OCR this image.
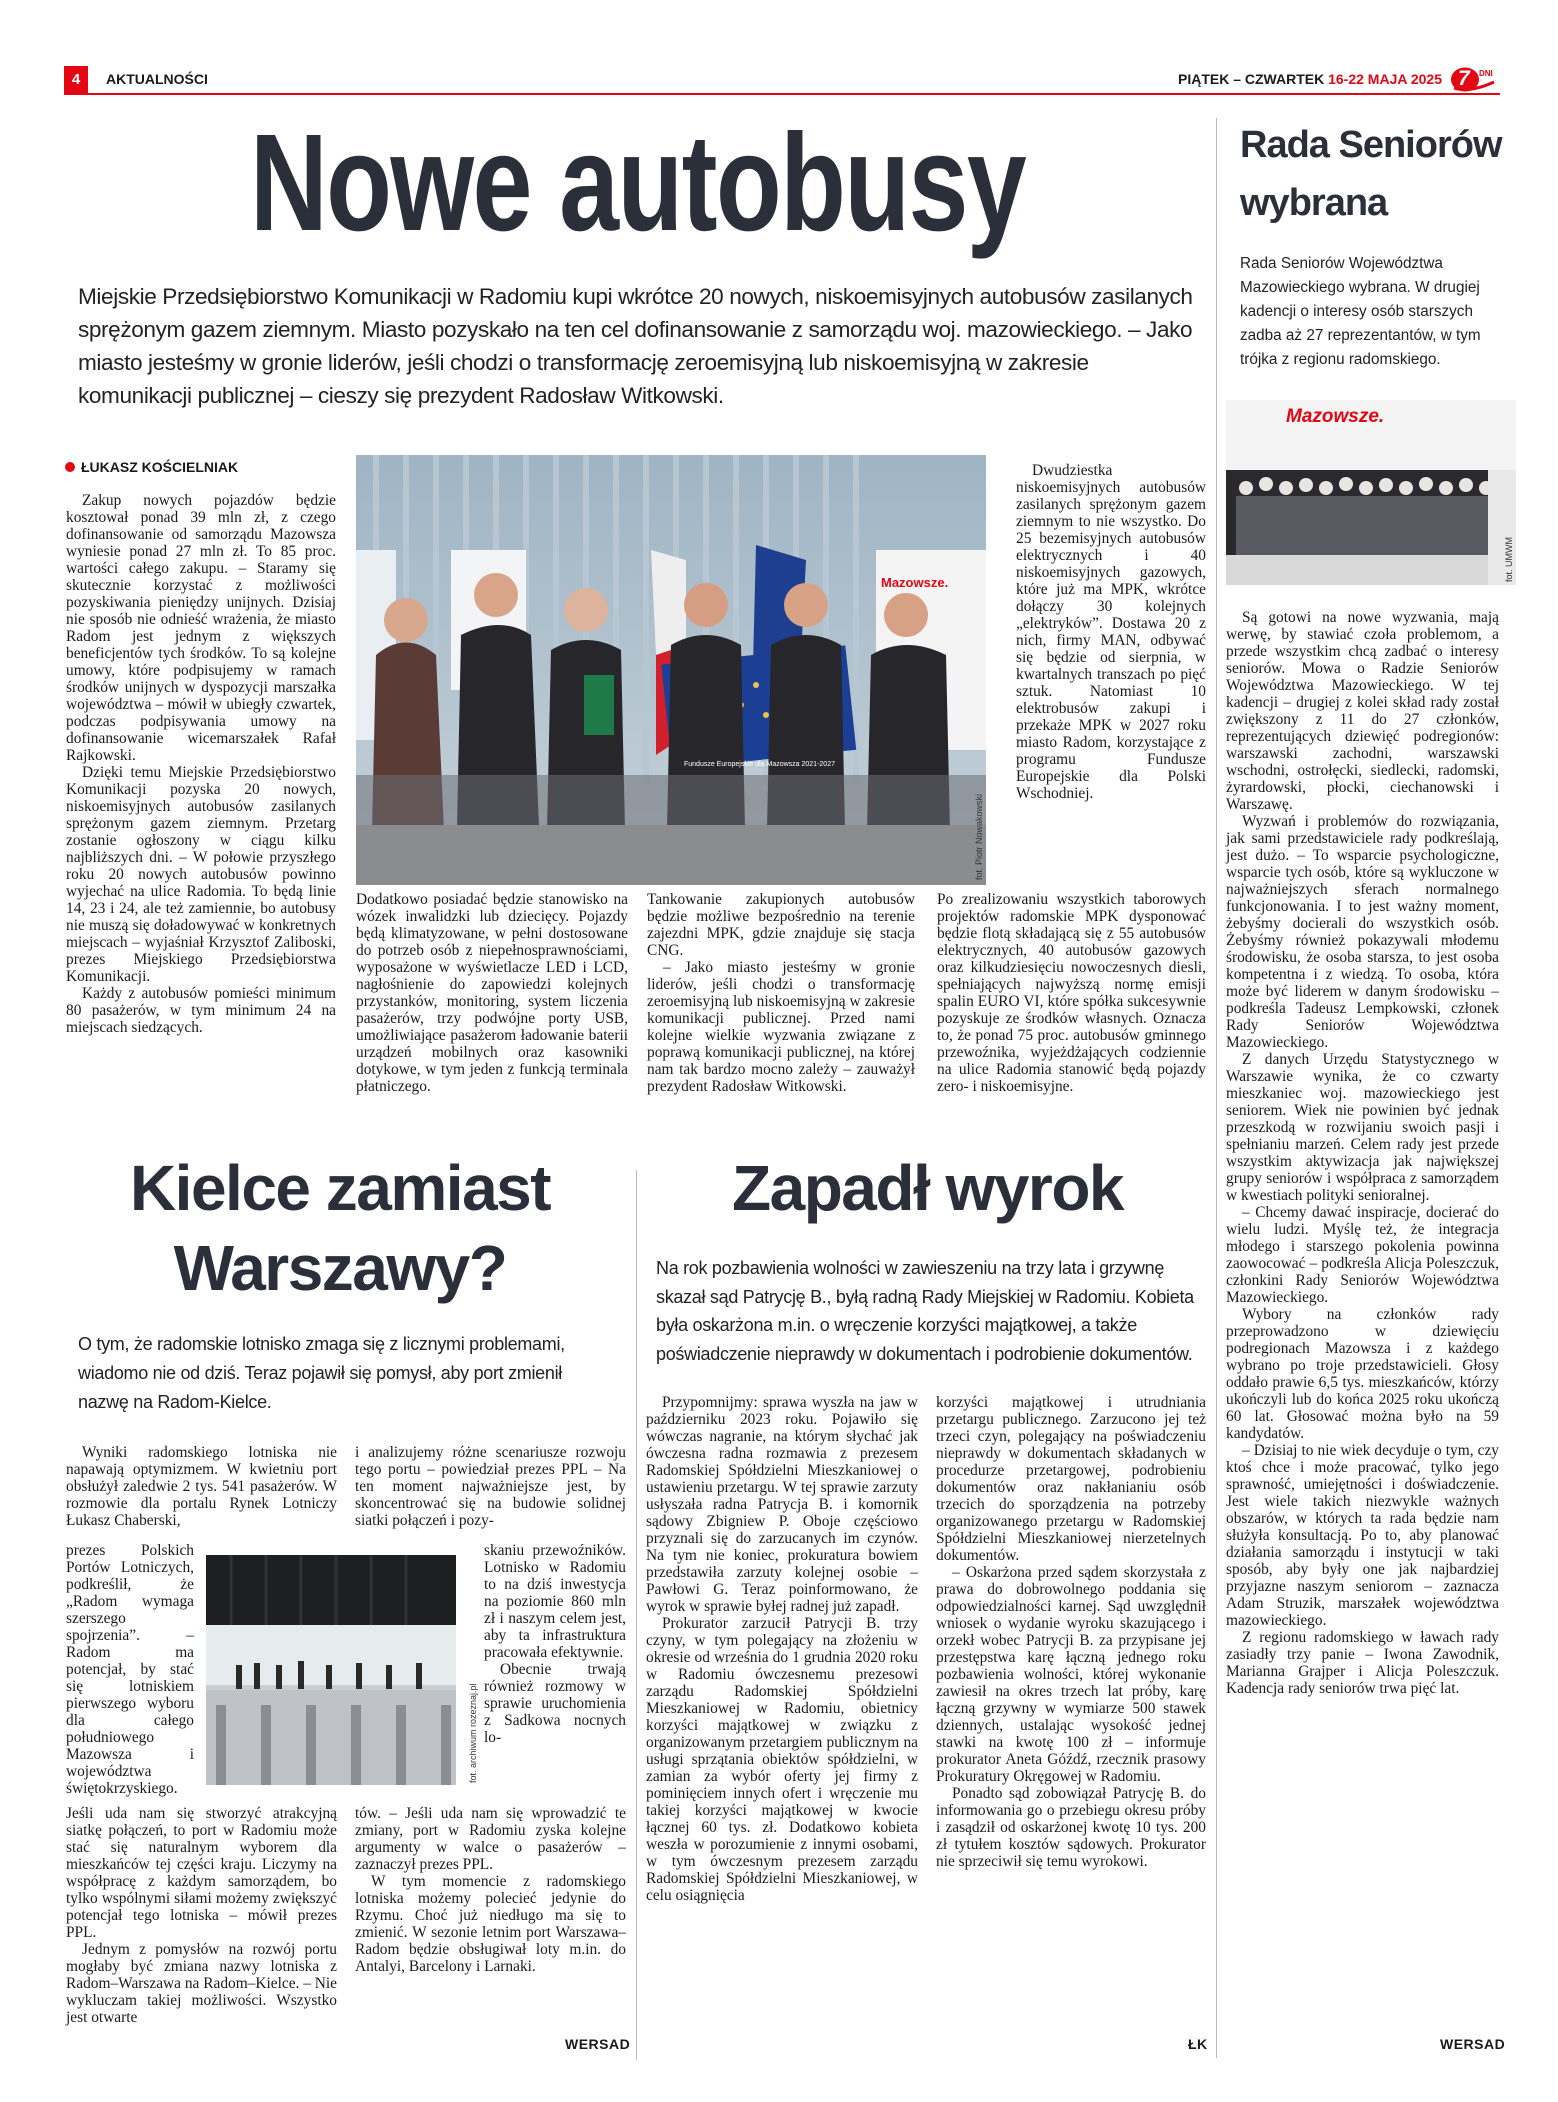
4	AKTUALNOŚCI	PIĄTEK – CZWARTEK 16-22 MAJA 2025 7 DNI
Nowe autobusy
Miejskie Przedsiębiorstwo Komunikacji w Radomiu kupi wkrótce 20 nowych, niskoemisyjnych autobusów zasilanych sprężonym gazem ziemnym. Miasto pozyskało na ten cel dofinansowanie z samorządu woj. mazowieckiego. – Jako miasto jesteśmy w gronie liderów, jeśli chodzi o transformację zeroemisyjną lub niskoemisyjną w zakresie komunikacji publicznej – cieszy się prezydent Radosław Witkowski.
ŁUKASZ KOŚCIELNIAK

Zakup nowych pojazdów będzie kosztował ponad 39 mln zł, z czego dofinansowanie od samorządu Mazowsza wyniesie ponad 27 mln zł. To 85 proc. wartości całego zakupu. – Staramy się skutecznie korzystać z możliwości pozyskiwania pieniędzy unijnych. Dzisiaj nie sposób nie odnieść wrażenia, że miasto Radom jest jednym z większych beneficjentów tych środków. To są kolejne umowy, które podpisujemy w ramach środków unijnych w dyspozycji marszałka województwa – mówił w ubiegły czwartek, podczas podpisywania umowy na dofinansowanie wicemarszałek Rafał Rajkowski.

Dzięki temu Miejskie Przedsiębiorstwo Komunikacji pozyska 20 nowych, niskoemisyjnych autobusów zasilanych sprężonym gazem ziemnym. Przetarg zostanie ogłoszony w ciągu kilku najbliższych dni. – W połowie przyszłego roku 20 nowych autobusów powinno wyjechać na ulice Radomia. To będą linie 14, 23 i 24, ale też zamiennie, bo autobusy nie muszą się doładowywać w konkretnych miejscach – wyjaśniał Krzysztof Zaliboski, prezes Miejskiego Przedsiębiorstwa Komunikacji.

Każdy z autobusów pomieści minimum 80 pasażerów, w tym minimum 24 na miejscach siedzących.

Fundusze Europejskie dla Mazowsza 2021-2027
Mazowsze.
fot. Piotr Nowakowski

Dodatkowo posiadać będzie stanowisko na wózek inwalidzki lub dziecięcy. Pojazdy będą klimatyzowane, w pełni dostosowane do potrzeb osób z niepełnosprawnościami, wyposażone w wyświetlacze LED i LCD, nagłośnienie do zapowiedzi kolejnych przystanków, monitoring, system liczenia pasażerów, trzy podwójne porty USB, umożliwiające pasażerom ładowanie baterii urządzeń mobilnych oraz kasowniki dotykowe, w tym jeden z funkcją terminala płatniczego.

Tankowanie zakupionych autobusów będzie możliwe bezpośrednio na terenie zajezdni MPK, gdzie znajduje się stacja CNG.

– Jako miasto jesteśmy w gronie liderów, jeśli chodzi o transformację zeroemisyjną lub niskoemisyjną w zakresie komunikacji publicznej. Przed nami kolejne wielkie wyzwania związane z poprawą komunikacji publicznej, na której nam tak bardzo mocno zależy – zauważył prezydent Radosław Witkowski.

Dwudziestka niskoemisyjnych autobusów zasilanych sprężonym gazem ziemnym to nie wszystko. Do 25 bezemisyjnych autobusów elektrycznych i 40 niskoemisyjnych gazowych, które już ma MPK, wkrótce dołączy 30 kolejnych „elektryków”. Dostawa 20 z nich, firmy MAN, odbywać się będzie od sierpnia, w kwartalnych transzach po pięć sztuk. Natomiast 10 elektrobusów zakupi i przekaże MPK w 2027 roku miasto Radom, korzystające z programu Fundusze Europejskie dla Polski Wschodniej.

Po zrealizowaniu wszystkich taborowych projektów radomskie MPK dysponować będzie flotą składającą się z 55 autobusów elektrycznych, 40 autobusów gazowych oraz kilkudziesięciu nowoczesnych diesli, spełniających najwyższą normę emisji spalin EURO VI, które spółka sukcesywnie pozyskuje ze środków własnych. Oznacza to, że ponad 75 proc. autobusów gminnego przewoźnika, wyjeżdżających codziennie na ulice Radomia stanowić będą pojazdy zero- i niskoemisyjne.

Rada Seniorów wybrana
Rada Seniorów Województwa Mazowieckiego wybrana. W drugiej kadencji o interesy osób starszych zadba aż 27 reprezentantów, w tym trójka z regionu radomskiego.
Mazowsze.
fot. UMWM

Są gotowi na nowe wyzwania, mają werwę, by stawiać czoła problemom, a przede wszystkim chcą zadbać o interesy seniorów. Mowa o Radzie Seniorów Województwa Mazowieckiego. W tej kadencji – drugiej z kolei skład rady został zwiększony z 11 do 27 członków, reprezentujących dziewięć podregionów: warszawski zachodni, warszawski wschodni, ostrołęcki, siedlecki, radomski, żyrardowski, płocki, ciechanowski i Warszawę.

Wyzwań i problemów do rozwiązania, jak sami przedstawiciele rady podkreślają, jest dużo. – To wsparcie psychologiczne, wsparcie tych osób, które są wykluczone w najważniejszych sferach normalnego funkcjonowania. I to jest ważny moment, żebyśmy docierali do wszystkich osób. Żebyśmy również pokazywali młodemu środowisku, że osoba starsza, to jest osoba kompetentna i z wiedzą. To osoba, która może być liderem w danym środowisku – podkreśla Tadeusz Lempkowski, członek Rady Seniorów Województwa Mazowieckiego.

Z danych Urzędu Statystycznego w Warszawie wynika, że co czwarty mieszkaniec woj. mazowieckiego jest seniorem. Wiek nie powinien być jednak przeszkodą w rozwijaniu swoich pasji i spełnianiu marzeń. Celem rady jest przede wszystkim aktywizacja jak największej grupy seniorów i współpraca z samorządem w kwestiach polityki senioralnej.

– Chcemy dawać inspiracje, docierać do wielu ludzi. Myślę też, że integracja młodego i starszego pokolenia powinna zaowocować – podkreśla Alicja Poleszczuk, członkini Rady Seniorów Województwa Mazowieckiego.

Wybory na członków rady przeprowadzono w dziewięciu podregionach Mazowsza i z każdego wybrano po troje przedstawicieli. Głosy oddało prawie 6,5 tys. mieszkańców, którzy ukończyli lub do końca 2025 roku ukończą 60 lat. Głosować można było na 59 kandydatów.

– Dzisiaj to nie wiek decyduje o tym, czy ktoś chce i może pracować, tylko jego sprawność, umiejętności i doświadczenie. Jest wiele takich niezwykle ważnych obszarów, w których ta rada będzie nam służyła konsultacją. Po to, aby planować działania samorządu i instytucji w taki sposób, aby były one jak najbardziej przyjazne naszym seniorom – zaznacza Adam Struzik, marszałek województwa mazowieckiego.

Z regionu radomskiego w ławach rady zasiadły trzy panie – Iwona Zawodnik, Marianna Grajper i Alicja Poleszczuk. Kadencja rady seniorów trwa pięć lat.

WERSAD
Kielce zamiast
Warszawy?
O tym, że radomskie lotnisko zmaga się z licznymi problemami, wiadomo nie od dziś. Teraz pojawił się pomysł, aby port zmienił nazwę na Radom-Kielce.

Wyniki radomskiego lotniska nie napawają optymizmem. W kwietniu port obsłużył zaledwie 2 tys. 541 pasażerów. W rozmowie dla portalu Rynek Lotniczy Łukasz Chaberski,

prezes Polskich Portów Lotniczych, podkreślił, że „Radom wymaga szerszego spojrzenia”. – Radom ma potencjał, by stać się lotniskiem pierwszego wyboru dla całego południowego Mazowsza i województwa świętokrzyskiego.

Jeśli uda nam się stworzyć atrakcyjną siatkę połączeń, to port w Radomiu może stać się naturalnym wyborem dla mieszkańców tej części kraju. Liczymy na współpracę z każdym samorządem, bo tylko wspólnymi siłami możemy zwiększyć potencjał tego lotniska – mówił prezes PPL.

Jednym z pomysłów na rozwój portu mogłaby być zmiana nazwy lotniska z Radom–Warszawa na Radom–Kielce. – Nie wykluczam takiej możliwości. Wszystko jest otwarte

fot. archiwum rozeznaj.pl

i analizujemy różne scenariusze rozwoju tego portu – powiedział prezes PPL – Na ten moment najważniejsze jest, by skoncentrować się na budowie solidnej siatki połączeń i pozy-

skaniu przewoźników. Lotnisko w Radomiu to na dziś inwestycja na poziomie 860 mln zł i naszym celem jest, aby ta infrastruktura pracowała efektywnie.

Obecnie trwają również rozmowy w sprawie uruchomienia z Sadkowa nocnych lo-

tów. – Jeśli uda nam się wprowadzić te zmiany, port w Radomiu zyska kolejne argumenty w walce o pasażerów – zaznaczył prezes PPL.

W tym momencie z radomskiego lotniska możemy polecieć jedynie do Rzymu. Choć już niedługo ma się to zmienić. W sezonie letnim port Warszawa–Radom będzie obsługiwał loty m.in. do Antalyi, Barcelony i Larnaki.

WERSAD
Zapadł wyrok
Na rok pozbawienia wolności w zawieszeniu na trzy lata i grzywnę skazał sąd Patrycję B., byłą radną Rady Miejskiej w Radomiu. Kobieta była oskarżona m.in. o wręczenie korzyści majątkowej, a także poświadczenie nieprawdy w dokumentach i podrobienie dokumentów.

Przypomnijmy: sprawa wyszła na jaw w październiku 2023 roku. Pojawiło się wówczas nagranie, na którym słychać jak ówczesna radna rozmawia z prezesem Radomskiej Spółdzielni Mieszkaniowej o ustawieniu przetargu. W tej sprawie zarzuty usłyszała radna Patrycja B. i komornik sądowy Zbigniew P. Oboje częściowo przyznali się do zarzucanych im czynów. Na tym nie koniec, prokuratura bowiem przedstawiła zarzuty kolejnej osobie – Pawłowi G. Teraz poinformowano, że wyrok w sprawie byłej radnej już zapadł.

Prokurator zarzucił Patrycji B. trzy czyny, w tym polegający na złożeniu w okresie od września do 1 grudnia 2020 roku w Radomiu ówczesnemu prezesowi zarządu Radomskiej Spółdzielni Mieszkaniowej w Radomiu, obietnicy korzyści majątkowej w związku z organizowanym przetargiem publicznym na usługi sprzątania obiektów spółdzielni, w zamian za wybór oferty jej firmy z pominięciem innych ofert i wręczenie mu takiej korzyści majątkowej w kwocie łącznej 60 tys. zł. Dodatkowo kobieta weszła w porozumienie z innymi osobami, w tym ówczesnym prezesem zarządu Radomskiej Spółdzielni Mieszkaniowej, w celu osiągnięcia

korzyści majątkowej i utrudniania przetargu publicznego. Zarzucono jej też trzeci czyn, polegający na poświadczeniu nieprawdy w dokumentach składanych w procedurze przetargowej, podrobieniu dokumentów oraz nakłanianiu osób trzecich do sporządzenia na potrzeby organizowanego przetargu w Radomskiej Spółdzielni Mieszkaniowej nierzetelnych dokumentów.

– Oskarżona przed sądem skorzystała z prawa do dobrowolnego poddania się odpowiedzialności karnej. Sąd uwzględnił wniosek o wydanie wyroku skazującego i orzekł wobec Patrycji B. za przypisane jej przestępstwa karę łączną jednego roku pozbawienia wolności, której wykonanie zawiesił na okres trzech lat próby, karę łączną grzywny w wymiarze 500 stawek dziennych, ustalając wysokość jednej stawki na kwotę 100 zł – informuje prokurator Aneta Góźdź, rzecznik prasowy Prokuratury Okręgowej w Radomiu.

Ponadto sąd zobowiązał Patrycję B. do informowania go o przebiegu okresu próby i zasądził od oskarżonej kwotę 10 tys. 200 zł tytułem kosztów sądowych. Prokurator nie sprzeciwił się temu wyrokowi.

ŁK
